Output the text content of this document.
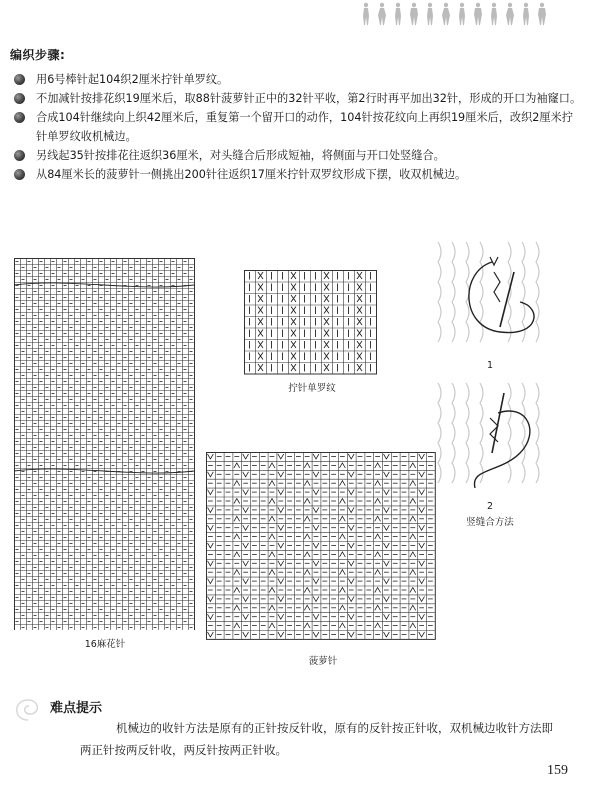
编织步骤:
用6号棒针起104织2厘米拧针单罗纹。
不加减针按排花织19厘米后，取88针菠萝针正中的32针平收，第2行时再平加出32针，形成的开口为袖窿口。
合成104针继续向上织42厘米后，重复第一个留开口的动作，104针按花纹向上再织19厘米后，改织2厘米拧针单罗纹收机械边。
另线起35针按排花往返织36厘米，对头缝合后形成短袖，将侧面与开口处竖缝合。
从84厘米长的菠萝针一侧挑出200针往返织17厘米拧针双罗纹形成下摆，收双机械边。
16麻花针
拧针单罗纹
菠萝针
1
2
竖缝合方法
难点提示
机械边的收针方法是原有的正针按反针收，原有的反针按正针收，双机械边收针方法即两正针按两反针收，两反针按两正针收。
159
